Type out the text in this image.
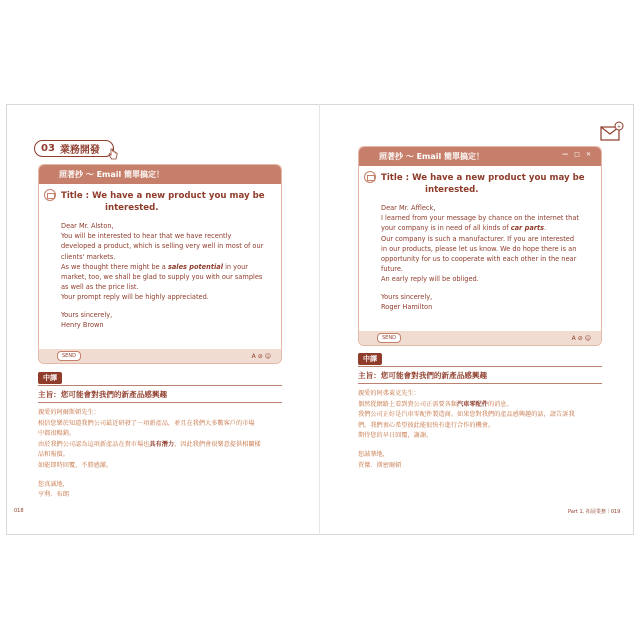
03 業務開發
+
照著抄 ～ Email 簡單搞定！
Title : We have a new product you may be
interested.

Dear Mr. Alston,

You will be interested to hear that we have recently

developed a product, which is selling very well in most of our

clients' markets.

As we thought there might be a sales potential in your

market, too, we shall be glad to supply you with our samples

as well as the price list.

Your prompt reply will be highly appreciated.

Yours sincerely,

Henry Brown

SEND	A⊘☺
照著抄 ～ Email 簡單搞定！	— □ ✕
Title : We have a new product you may be
interested.

Dear Mr. Affleck,

I learned from your message by chance on the internet that

your company is in need of all kinds of car parts.

Our company is such a manufacturer. If you are interested

in our products, please let us know. We do hope there is an

opportunity for us to cooperate with each other in the near

future.

An early reply will be obliged.

Yours sincerely,

Roger Hamilton

SEND	A⊘☺
中譯
主旨：您可能會對我們的新產品感興趣

親愛的阿爾斯頓先生：

相信您樂於知道我們公司最近研發了一項新產品，並且在我們大多數客戶的市場

中都很暢銷。

由於我們公司認為這項新產品在貴市場也具有潛力，因此我們會很樂意提供相關樣

品和報價。

如能即時回覆，不勝感激。

您真誠地，

亨利．布朗

中譯
主旨：您可能會對我們的新產品感興趣

親愛的阿弗萊克先生：

偶然從網路上看到貴公司正需要各類汽車零配件的消息。

我們公司正好是汽車零配件製造商。如果您對我們的產品感興趣的話，請告訴我

們。我們衷心希望彼此能很快有進行合作的機會。

期待您的早日回覆，謝謝。

您誠摯地，

賈傑．漢密爾頓

018	Part 1. 拓展業務｜019
